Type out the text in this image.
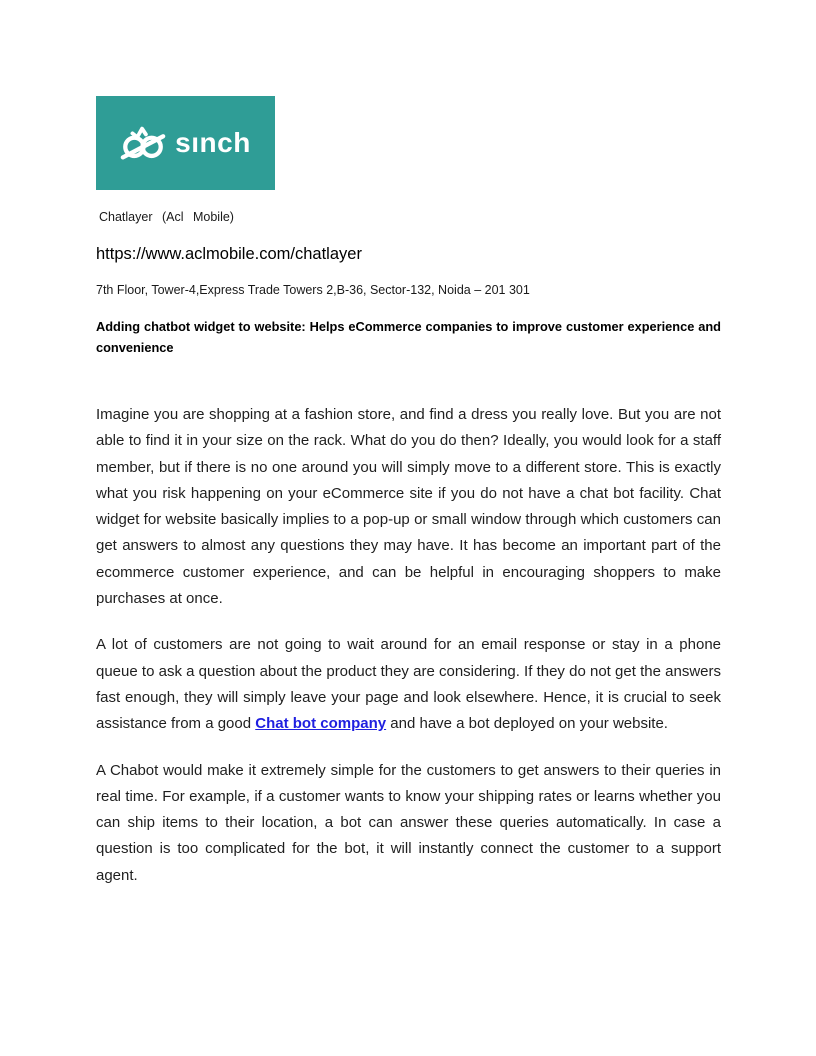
sınch
Chatlayer (Acl Mobile)
https://www.aclmobile.com/chatlayer
7th Floor, Tower-4,Express Trade Towers 2,B-36, Sector-132, Noida – 201 301
Adding chatbot widget to website: Helps eCommerce companies to improve customer experience and convenience

Imagine you are shopping at a fashion store, and find a dress you really love. But you are not able to find it in your size on the rack. What do you do then? Ideally, you would look for a staff member, but if there is no one around you will simply move to a different store. This is exactly what you risk happening on your eCommerce site if you do not have a chat bot facility. Chat widget for website basically implies to a pop-up or small window through which customers can get answers to almost any questions they may have. It has become an important part of the ecommerce customer experience, and can be helpful in encouraging shoppers to make purchases at once.

A lot of customers are not going to wait around for an email response or stay in a phone queue to ask a question about the product they are considering. If they do not get the answers fast enough, they will simply leave your page and look elsewhere. Hence, it is crucial to seek assistance from a good Chat bot company and have a bot deployed on your website.

A Chabot would make it extremely simple for the customers to get answers to their queries in real time. For example, if a customer wants to know your shipping rates or learns whether you can ship items to their location, a bot can answer these queries automatically. In case a question is too complicated for the bot, it will instantly connect the customer to a support agent.
